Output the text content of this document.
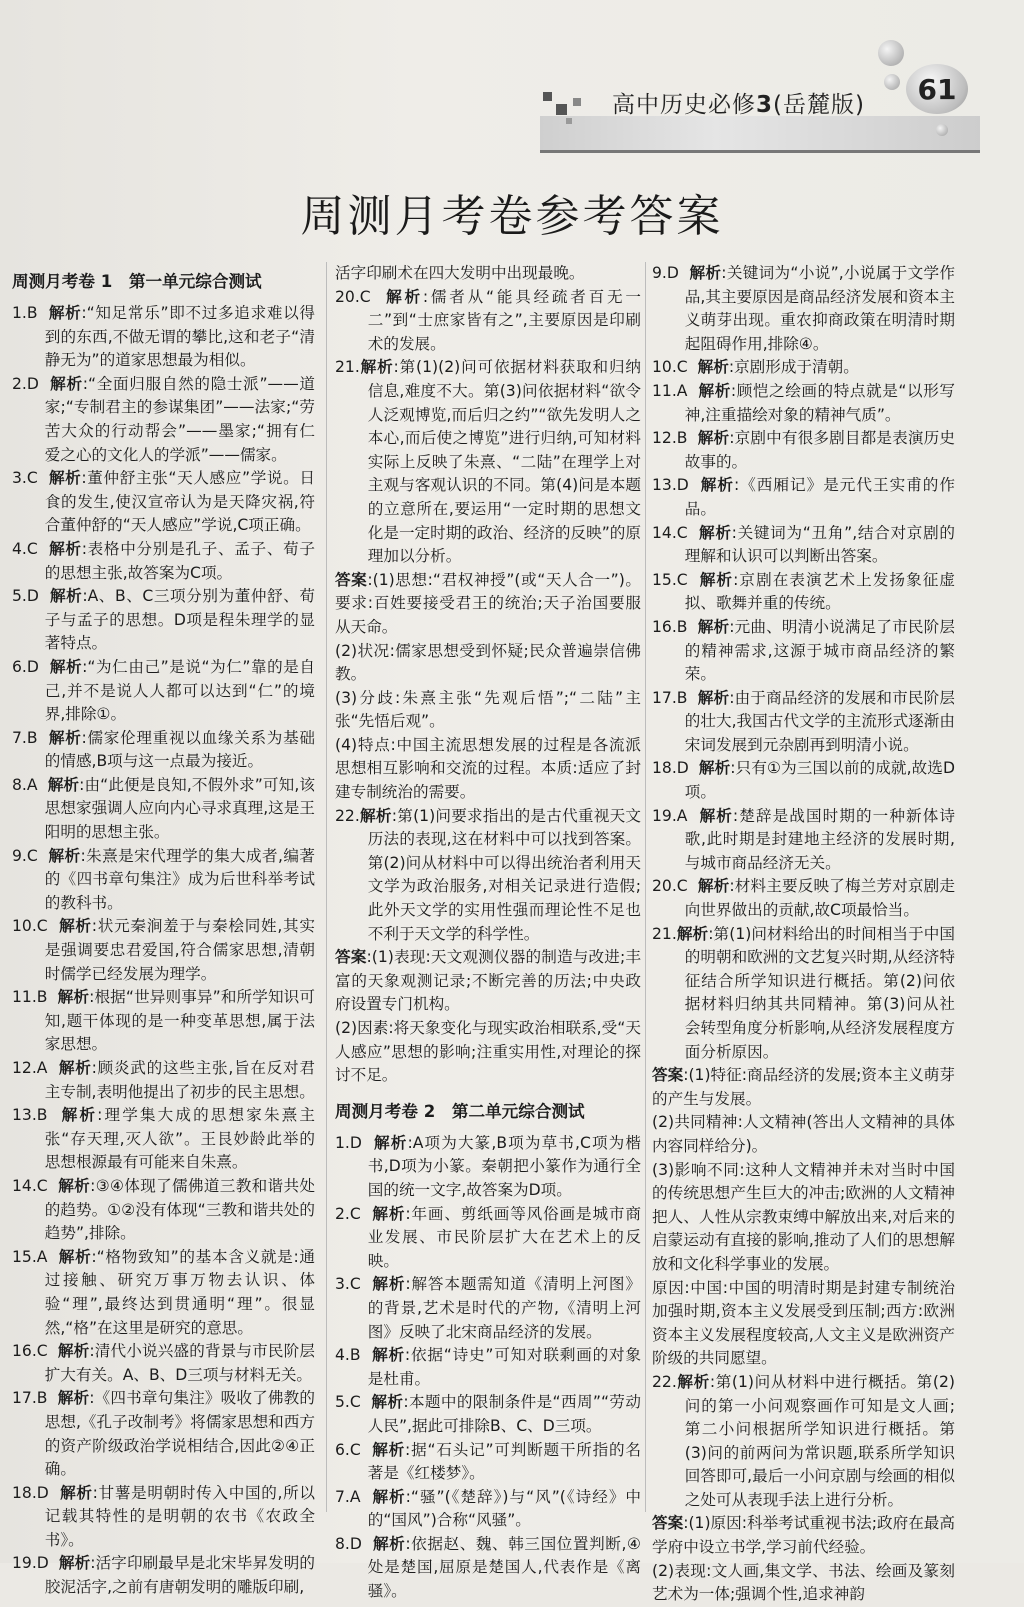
高中历史必修3(岳麓版) 61
周测月考卷参考答案
周测月考卷 1　第一单元综合测试

1.B 解析:“知足常乐”即不过多追求难以得到的东西,不做无谓的攀比,这和老子“清静无为”的道家思想最为相似。

2.D 解析:“全面归服自然的隐士派”——道家;“专制君主的参谋集团”——法家;“劳苦大众的行动帮会”——墨家;“拥有仁爱之心的文化人的学派”——儒家。

3.C 解析:董仲舒主张“天人感应”学说。日食的发生,使汉宣帝认为是天降灾祸,符合董仲舒的“天人感应”学说,C项正确。

4.C 解析:表格中分别是孔子、孟子、荀子的思想主张,故答案为C项。

5.D 解析:A、B、C三项分别为董仲舒、荀子与孟子的思想。D项是程朱理学的显著特点。

6.D 解析:“为仁由己”是说“为仁”靠的是自己,并不是说人人都可以达到“仁”的境界,排除①。

7.B 解析:儒家伦理重视以血缘关系为基础的情感,B项与这一点最为接近。

8.A 解析:由“此便是良知,不假外求”可知,该思想家强调人应向内心寻求真理,这是王阳明的思想主张。

9.C 解析:朱熹是宋代理学的集大成者,编著的《四书章句集注》成为后世科举考试的教科书。

10.C 解析:状元秦涧羞于与秦桧同姓,其实是强调要忠君爱国,符合儒家思想,清朝时儒学已经发展为理学。

11.B 解析:根据“世异则事异”和所学知识可知,题干体现的是一种变革思想,属于法家思想。

12.A 解析:顾炎武的这些主张,旨在反对君主专制,表明他提出了初步的民主思想。

13.B 解析:理学集大成的思想家朱熹主张“存天理,灭人欲”。王艮妙龄此举的思想根源最有可能来自朱熹。

14.C 解析:③④体现了儒佛道三教和谐共处的趋势。①②没有体现“三教和谐共处的趋势”,排除。

15.A 解析:“格物致知”的基本含义就是:通过接触、研究万事万物去认识、体验“理”,最终达到贯通明“理”。很显然,“格”在这里是研究的意思。

16.C 解析:清代小说兴盛的背景与市民阶层扩大有关。A、B、D三项与材料无关。

17.B 解析:《四书章句集注》吸收了佛教的思想,《孔子改制考》将儒家思想和西方的资产阶级政治学说相结合,因此②④正确。

18.D 解析:甘薯是明朝时传入中国的,所以记载其特性的是明朝的农书《农政全书》。

19.D 解析:活字印刷最早是北宋毕昇发明的胶泥活字,之前有唐朝发明的雕版印刷,

活字印刷术在四大发明中出现最晚。

20.C 解析:儒者从“能具经疏者百无一二”到“士庶家皆有之”,主要原因是印刷术的发展。

21.解析:第(1)(2)问可依据材料获取和归纳信息,难度不大。第(3)问依据材料“欲令人泛观博览,而后归之约”“欲先发明人之本心,而后使之博览”进行归纳,可知材料实际上反映了朱熹、“二陆”在理学上对主观与客观认识的不同。第(4)问是本题的立意所在,要运用“一定时期的思想文化是一定时期的政治、经济的反映”的原理加以分析。

答案:(1)思想:“君权神授”(或“天人合一”)。要求:百姓要接受君王的统治;天子治国要服从天命。

(2)状况:儒家思想受到怀疑;民众普遍崇信佛教。

(3)分歧:朱熹主张“先观后悟”;“二陆”主张“先悟后观”。

(4)特点:中国主流思想发展的过程是各流派思想相互影响和交流的过程。本质:适应了封建专制统治的需要。

22.解析:第(1)问要求指出的是古代重视天文历法的表现,这在材料中可以找到答案。第(2)问从材料中可以得出统治者利用天文学为政治服务,对相关记录进行造假;此外天文学的实用性强而理论性不足也不利于天文学的科学性。

答案:(1)表现:天文观测仪器的制造与改进;丰富的天象观测记录;不断完善的历法;中央政府设置专门机构。

(2)因素:将天象变化与现实政治相联系,受“天人感应”思想的影响;注重实用性,对理论的探讨不足。

周测月考卷 2　第二单元综合测试

1.D 解析:A项为大篆,B项为草书,C项为楷书,D项为小篆。秦朝把小篆作为通行全国的统一文字,故答案为D项。

2.C 解析:年画、剪纸画等风俗画是城市商业发展、市民阶层扩大在艺术上的反映。

3.C 解析:解答本题需知道《清明上河图》的背景,艺术是时代的产物,《清明上河图》反映了北宋商品经济的发展。

4.B 解析:依据“诗史”可知对联剩画的对象是杜甫。

5.C 解析:本题中的限制条件是“西周”“劳动人民”,据此可排除B、C、D三项。

6.C 解析:据“石头记”可判断题干所指的名著是《红楼梦》。

7.A 解析:“骚”(《楚辞》)与“风”(《诗经》中的“国风”)合称“风骚”。

8.D 解析:依据赵、魏、韩三国位置判断,④处是楚国,屈原是楚国人,代表作是《离骚》。

9.D 解析:关键词为“小说”,小说属于文学作品,其主要原因是商品经济发展和资本主义萌芽出现。重农抑商政策在明清时期起阻碍作用,排除④。

10.C 解析:京剧形成于清朝。

11.A 解析:顾恺之绘画的特点就是“以形写神,注重描绘对象的精神气质”。

12.B 解析:京剧中有很多剧目都是表演历史故事的。

13.D 解析:《西厢记》是元代王实甫的作品。

14.C 解析:关键词为“丑角”,结合对京剧的理解和认识可以判断出答案。

15.C 解析:京剧在表演艺术上发扬象征虚拟、歌舞并重的传统。

16.B 解析:元曲、明清小说满足了市民阶层的精神需求,这源于城市商品经济的繁荣。

17.B 解析:由于商品经济的发展和市民阶层的壮大,我国古代文学的主流形式逐渐由宋词发展到元杂剧再到明清小说。

18.D 解析:只有①为三国以前的成就,故选D项。

19.A 解析:楚辞是战国时期的一种新体诗歌,此时期是封建地主经济的发展时期,与城市商品经济无关。

20.C 解析:材料主要反映了梅兰芳对京剧走向世界做出的贡献,故C项最恰当。

21.解析:第(1)问材料给出的时间相当于中国的明朝和欧洲的文艺复兴时期,从经济特征结合所学知识进行概括。第(2)问依据材料归纳其共同精神。第(3)问从社会转型角度分析影响,从经济发展程度方面分析原因。

答案:(1)特征:商品经济的发展;资本主义萌芽的产生与发展。

(2)共同精神:人文精神(答出人文精神的具体内容同样给分)。

(3)影响不同:这种人文精神并未对当时中国的传统思想产生巨大的冲击;欧洲的人文精神把人、人性从宗教束缚中解放出来,对后来的启蒙运动有直接的影响,推动了人们的思想解放和文化科学事业的发展。

原因:中国:中国的明清时期是封建专制统治加强时期,资本主义发展受到压制;西方:欧洲资本主义发展程度较高,人文主义是欧洲资产阶级的共同愿望。

22.解析:第(1)问从材料中进行概括。第(2)问的第一小问观察画作可知是文人画;第二小问根据所学知识进行概括。第(3)问的前两问为常识题,联系所学知识回答即可,最后一小问京剧与绘画的相似之处可从表现手法上进行分析。

答案:(1)原因:科举考试重视书法;政府在最高学府中设立书学,学习前代经验。

(2)表现:文人画,集文学、书法、绘画及篆刻艺术为一体;强调个性,追求神韵
